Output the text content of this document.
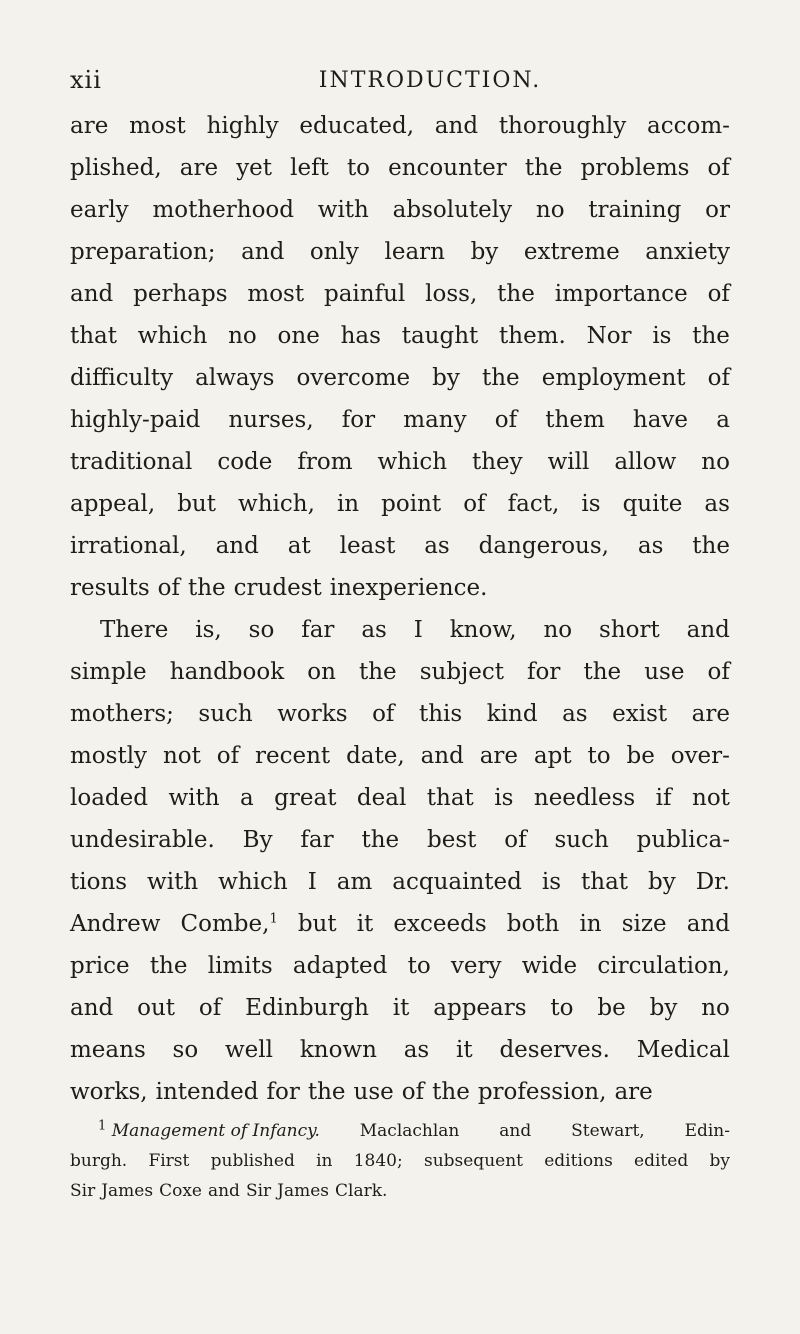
xii	INTRODUCTION.
are most highly educated, and thoroughly accom-
plished, are yet left to encounter the problems of
early motherhood with absolutely no training or
preparation; and only learn by extreme anxiety
and perhaps most painful loss, the importance of
that which no one has taught them. Nor is the
difficulty always overcome by the employment of
highly-paid nurses, for many of them have a
traditional code from which they will allow no
appeal, but which, in point of fact, is quite as
irrational, and at least as dangerous, as the
results of the crudest inexperience.
There is, so far as I know, no short and
simple handbook on the subject for the use of
mothers; such works of this kind as exist are
mostly not of recent date, and are apt to be over-
loaded with a great deal that is needless if not
undesirable. By far the best of such publica-
tions with which I am acquainted is that by Dr.
Andrew Combe,$^1$ but it exceeds both in size and
price the limits adapted to very wide circulation,
and out of Edinburgh it appears to be by no
means so well known as it deserves. Medical
works, intended for the use of the profession, are
$^1$ Management of Infancy. Maclachlan and Stewart, Edin-
burgh. First published in 1840; subsequent editions edited by
Sir James Coxe and Sir James Clark.
